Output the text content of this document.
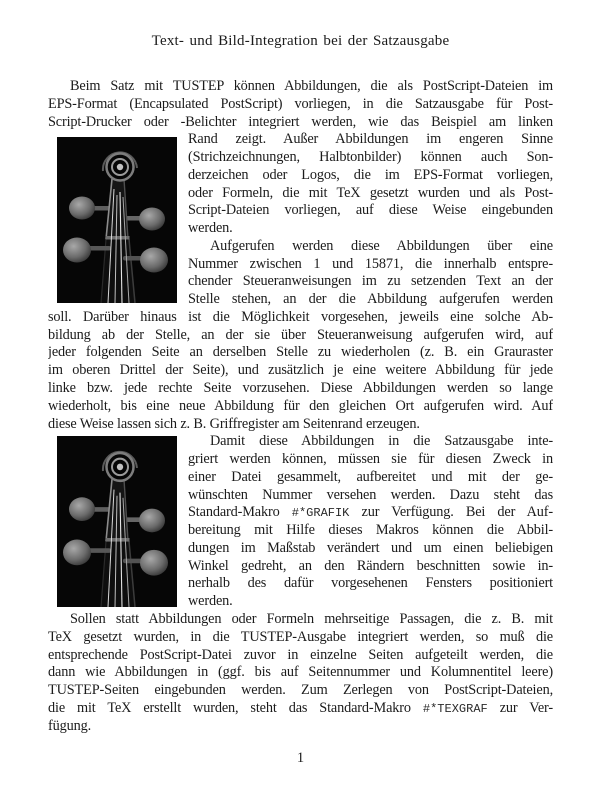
Text- und Bild-Integration bei der Satzausgabe
Beim Satz mit TUSTEP können Abbildungen, die als PostScript-Dateien im
EPS-Format (Encapsulated PostScript) vorliegen, in die Satzausgabe für Post-
Script-Drucker oder -Belichter integriert werden, wie das Beispiel am linken
Rand zeigt. Außer Abbildungen im engeren Sinne
(Strichzeichnungen, Halbtonbilder) können auch Son-
derzeichen oder Logos, die im EPS-Format vorliegen,
oder Formeln, die mit TeX gesetzt wurden und als Post-
Script-Dateien vorliegen, auf diese Weise eingebunden
werden.
Aufgerufen werden diese Abbildungen über eine
Nummer zwischen 1 und 15871, die innerhalb entspre-
chender Steueranweisungen im zu setzenden Text an der
Stelle stehen, an der die Abbildung aufgerufen werden
soll. Darüber hinaus ist die Möglichkeit vorgesehen, jeweils eine solche Ab-
bildung ab der Stelle, an der sie über Steueranweisung aufgerufen wird, auf
jeder folgenden Seite an derselben Stelle zu wiederholen (z. B. ein Grauraster
im oberen Drittel der Seite), und zusätzlich je eine weitere Abbildung für jede
linke bzw. jede rechte Seite vorzusehen. Diese Abbildungen werden so lange
wiederholt, bis eine neue Abbildung für den gleichen Ort aufgerufen wird. Auf
diese Weise lassen sich z. B. Griffregister am Seitenrand erzeugen.
Damit diese Abbildungen in die Satzausgabe inte-
griert werden können, müssen sie für diesen Zweck in
einer Datei gesammelt, aufbereitet und mit der ge-
wünschten Nummer versehen werden. Dazu steht das
Standard-Makro #*GRAFIK zur Verfügung. Bei der Auf-
bereitung mit Hilfe dieses Makros können die Abbil-
dungen im Maßstab verändert und um einen beliebigen
Winkel gedreht, an den Rändern beschnitten sowie in-
nerhalb des dafür vorgesehenen Fensters positioniert
werden.
Sollen statt Abbildungen oder Formeln mehrseitige Passagen, die z. B. mit
TeX gesetzt wurden, in die TUSTEP-Ausgabe integriert werden, so muß die
entsprechende PostScript-Datei zuvor in einzelne Seiten aufgeteilt werden, die
dann wie Abbildungen in (ggf. bis auf Seitennummer und Kolumnentitel leere)
TUSTEP-Seiten eingebunden werden. Zum Zerlegen von PostScript-Dateien,
die mit TeX erstellt wurden, steht das Standard-Makro #*TEXGRAF zur Ver-
fügung.
1
